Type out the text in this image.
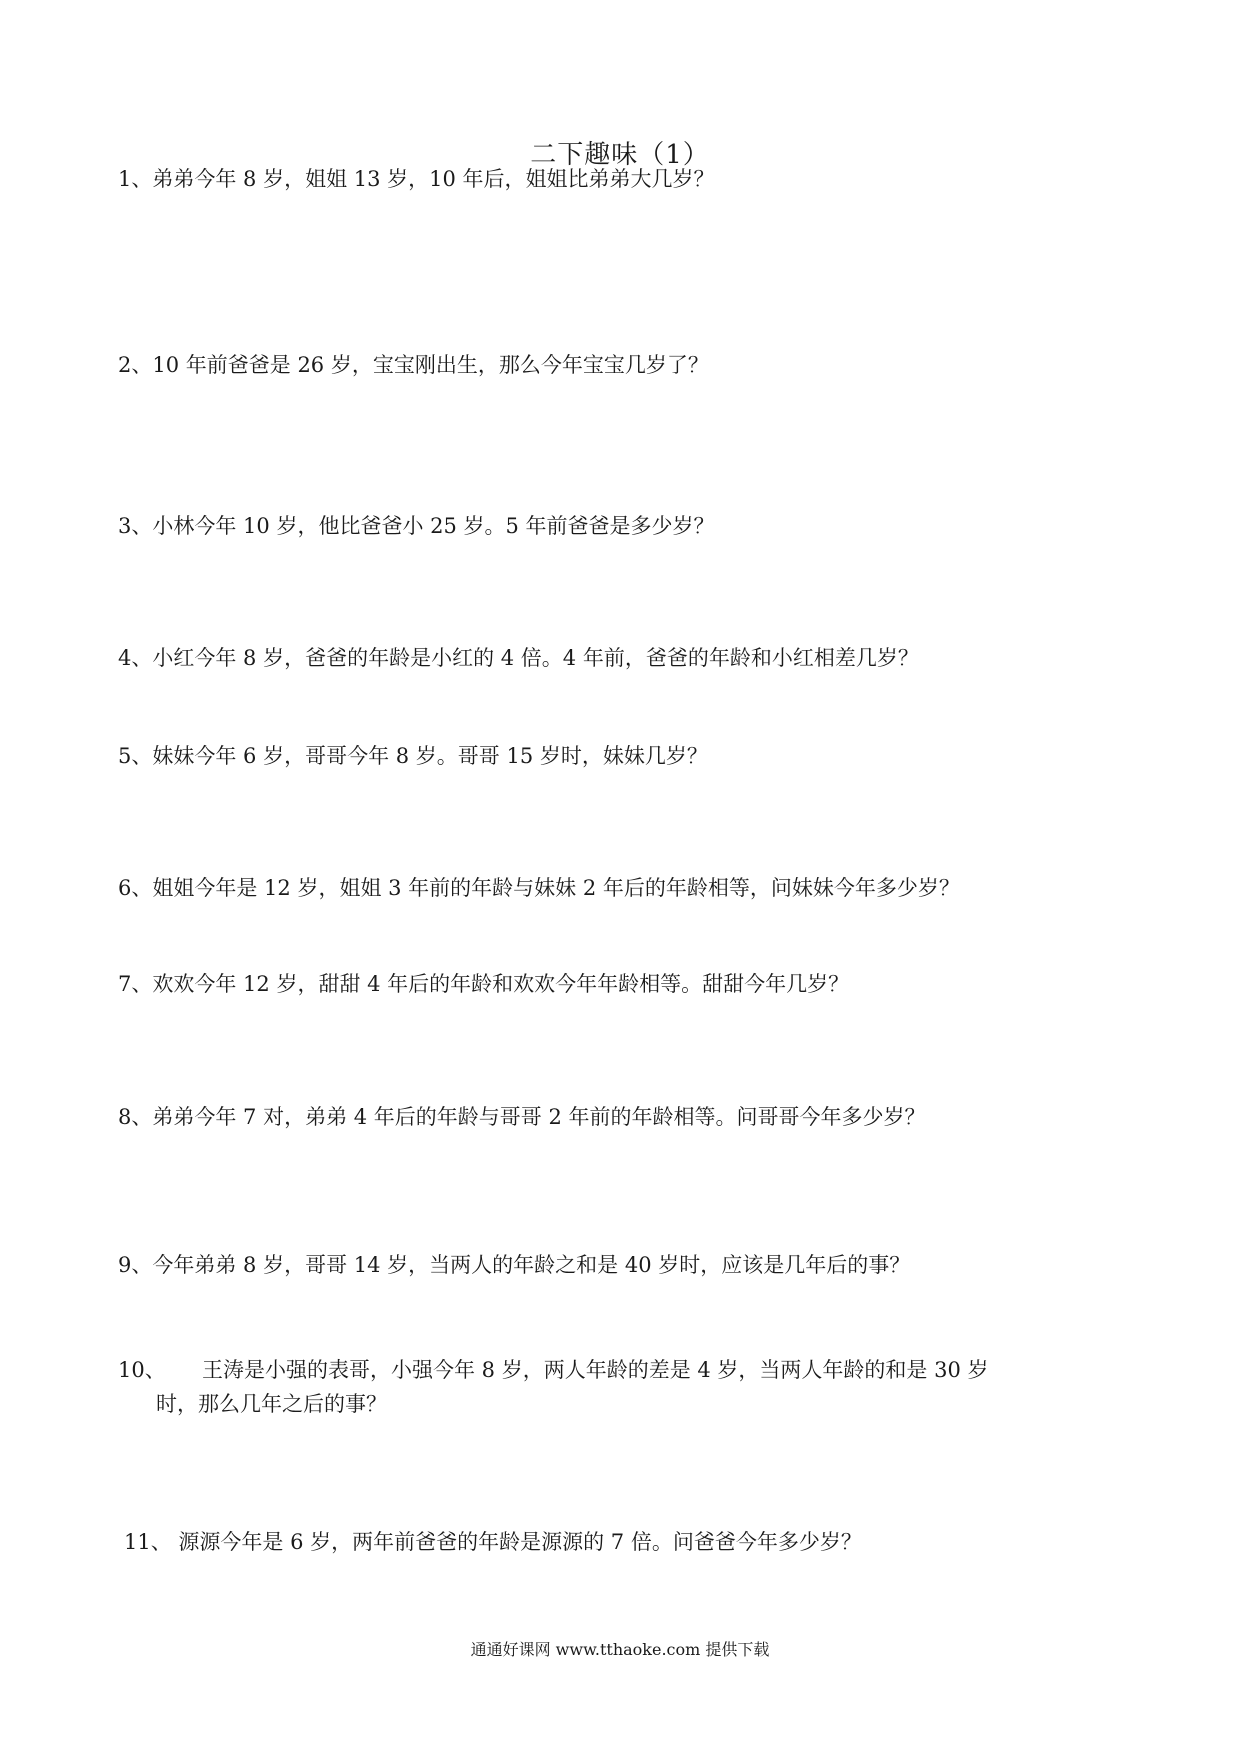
二下趣味（1）
1、弟弟今年 8 岁，姐姐 13 岁，10 年后，姐姐比弟弟大几岁？
2、10 年前爸爸是 26 岁，宝宝刚出生，那么今年宝宝几岁了？
3、小林今年 10 岁，他比爸爸小 25 岁。5 年前爸爸是多少岁？
4、小红今年 8 岁，爸爸的年龄是小红的 4 倍。4 年前，爸爸的年龄和小红相差几岁？
5、妹妹今年 6 岁，哥哥今年 8 岁。哥哥 15 岁时，妹妹几岁？
6、姐姐今年是 12 岁，姐姐 3 年前的年龄与妹妹 2 年后的年龄相等，问妹妹今年多少岁？
7、欢欢今年 12 岁，甜甜 4 年后的年龄和欢欢今年年龄相等。甜甜今年几岁？
8、弟弟今年 7 对，弟弟 4 年后的年龄与哥哥 2 年前的年龄相等。问哥哥今年多少岁？
9、今年弟弟 8 岁，哥哥 14 岁，当两人的年龄之和是 40 岁时，应该是几年后的事？
10、 王涛是小强的表哥，小强今年 8 岁，两人年龄的差是 4 岁，当两人年龄的和是 30 岁
时，那么几年之后的事？
11、 源源今年是 6 岁，两年前爸爸的年龄是源源的 7 倍。问爸爸今年多少岁？
通通好课网 www.tthaoke.com 提供下载
